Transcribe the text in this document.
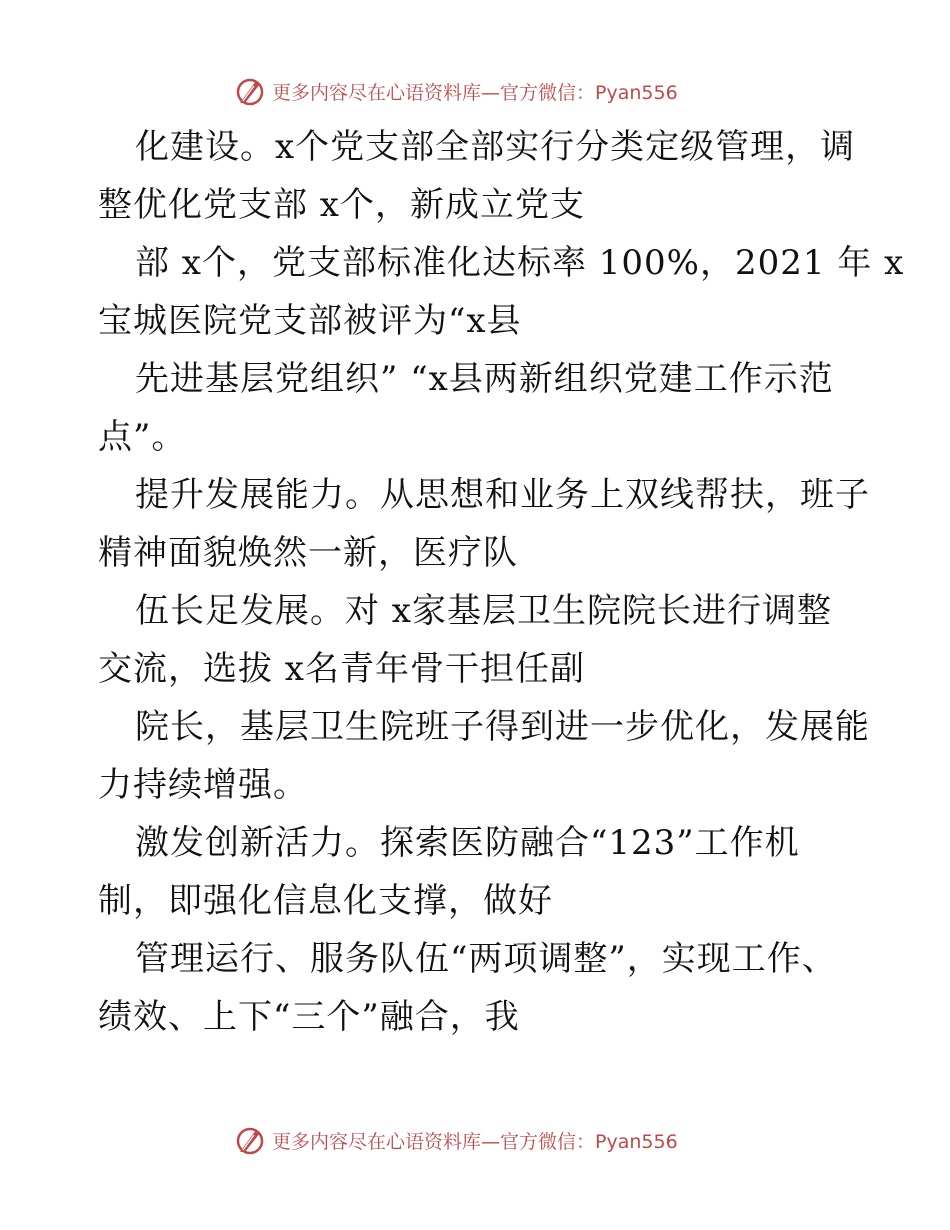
更多内容尽在心语资料库—官方微信：Pyan556
化建设。x个党支部全部实行分类定级管理，调
整优化党支部 x个，新成立党支
部 x个，党支部标准化达标率 100%，2021 年 x
宝城医院党支部被评为“x县
先进基层党组织” “x县两新组织党建工作示范
点”。
提升发展能力。从思想和业务上双线帮扶，班子
精神面貌焕然一新，医疗队
伍长足发展。对 x家基层卫生院院长进行调整
交流，选拔 x名青年骨干担任副
院长，基层卫生院班子得到进一步优化，发展能
力持续增强。
激发创新活力。探索医防融合“123”工作机
制，即强化信息化支撑，做好
管理运行、服务队伍“两项调整”，实现工作、
绩效、上下“三个”融合，我
更多内容尽在心语资料库—官方微信：Pyan556
